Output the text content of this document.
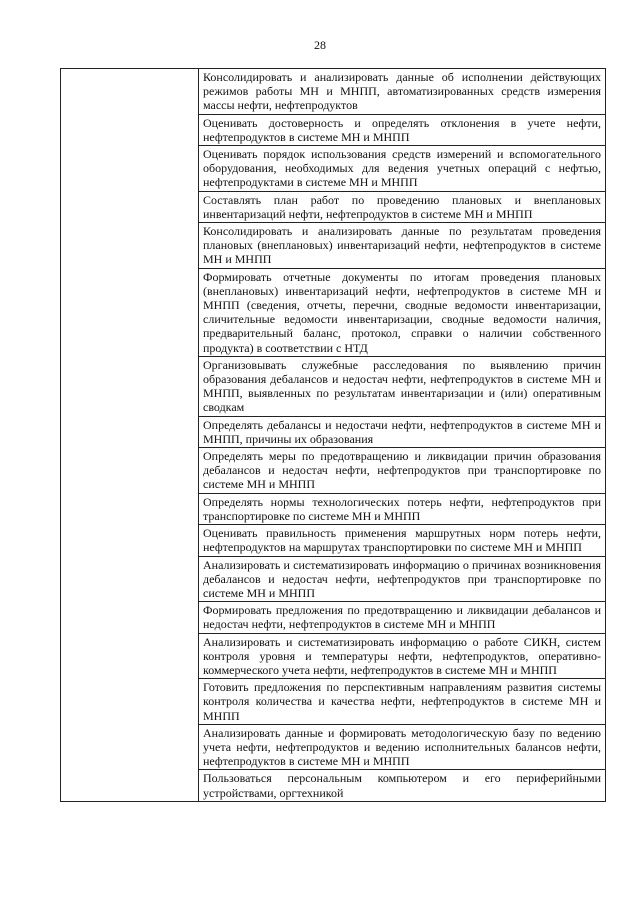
28

Консолидировать и анализировать данные об исполнении действующих режимов работы МН и МНПП, автоматизированных средств измерения массы нефти, нефтепродуктов

Оценивать достоверность и определять отклонения в учете нефти, нефтепродуктов в системе МН и МНПП

Оценивать порядок использования средств измерений и вспомогательного оборудования, необходимых для ведения учетных операций с нефтью, нефтепродуктами в системе МН и МНПП

Составлять план работ по проведению плановых и внеплановых инвентаризаций нефти, нефтепродуктов в системе МН и МНПП

Консолидировать и анализировать данные по результатам проведения плановых (внеплановых) инвентаризаций нефти, нефтепродуктов в системе МН и МНПП

Формировать отчетные документы по итогам проведения плановых (внеплановых) инвентаризаций нефти, нефтепродуктов в системе МН и МНПП (сведения, отчеты, перечни, сводные ведомости инвентаризации, сличительные ведомости инвентаризации, сводные ведомости наличия, предварительный баланс, протокол, справки о наличии собственного продукта) в соответствии с НТД

Организовывать служебные расследования по выявлению причин образования дебалансов и недостач нефти, нефтепродуктов в системе МН и МНПП, выявленных по результатам инвентаризации и (или) оперативным сводкам

Определять дебалансы и недостачи нефти, нефтепродуктов в системе МН и МНПП, причины их образования

Определять меры по предотвращению и ликвидации причин образования дебалансов и недостач нефти, нефтепродуктов при транспортировке по системе МН и МНПП

Определять нормы технологических потерь нефти, нефтепродуктов при транспортировке по системе МН и МНПП

Оценивать правильность применения маршрутных норм потерь нефти, нефтепродуктов на маршрутах транспортировки по системе МН и МНПП

Анализировать и систематизировать информацию о причинах возникновения дебалансов и недостач нефти, нефтепродуктов при транспортировке по системе МН и МНПП

Формировать предложения по предотвращению и ликвидации дебалансов и недостач нефти, нефтепродуктов в системе МН и МНПП

Анализировать и систематизировать информацию о работе СИКН, систем контроля уровня и температуры нефти, нефтепродуктов, оперативно-коммерческого учета нефти, нефтепродуктов в системе МН и МНПП

Готовить предложения по перспективным направлениям развития системы контроля количества и качества нефти, нефтепродуктов в системе МН и МНПП

Анализировать данные и формировать методологическую базу по ведению учета нефти, нефтепродуктов и ведению исполнительных балансов нефти, нефтепродуктов в системе МН и МНПП

Пользоваться персональным компьютером и его периферийными устройствами, оргтехникой
